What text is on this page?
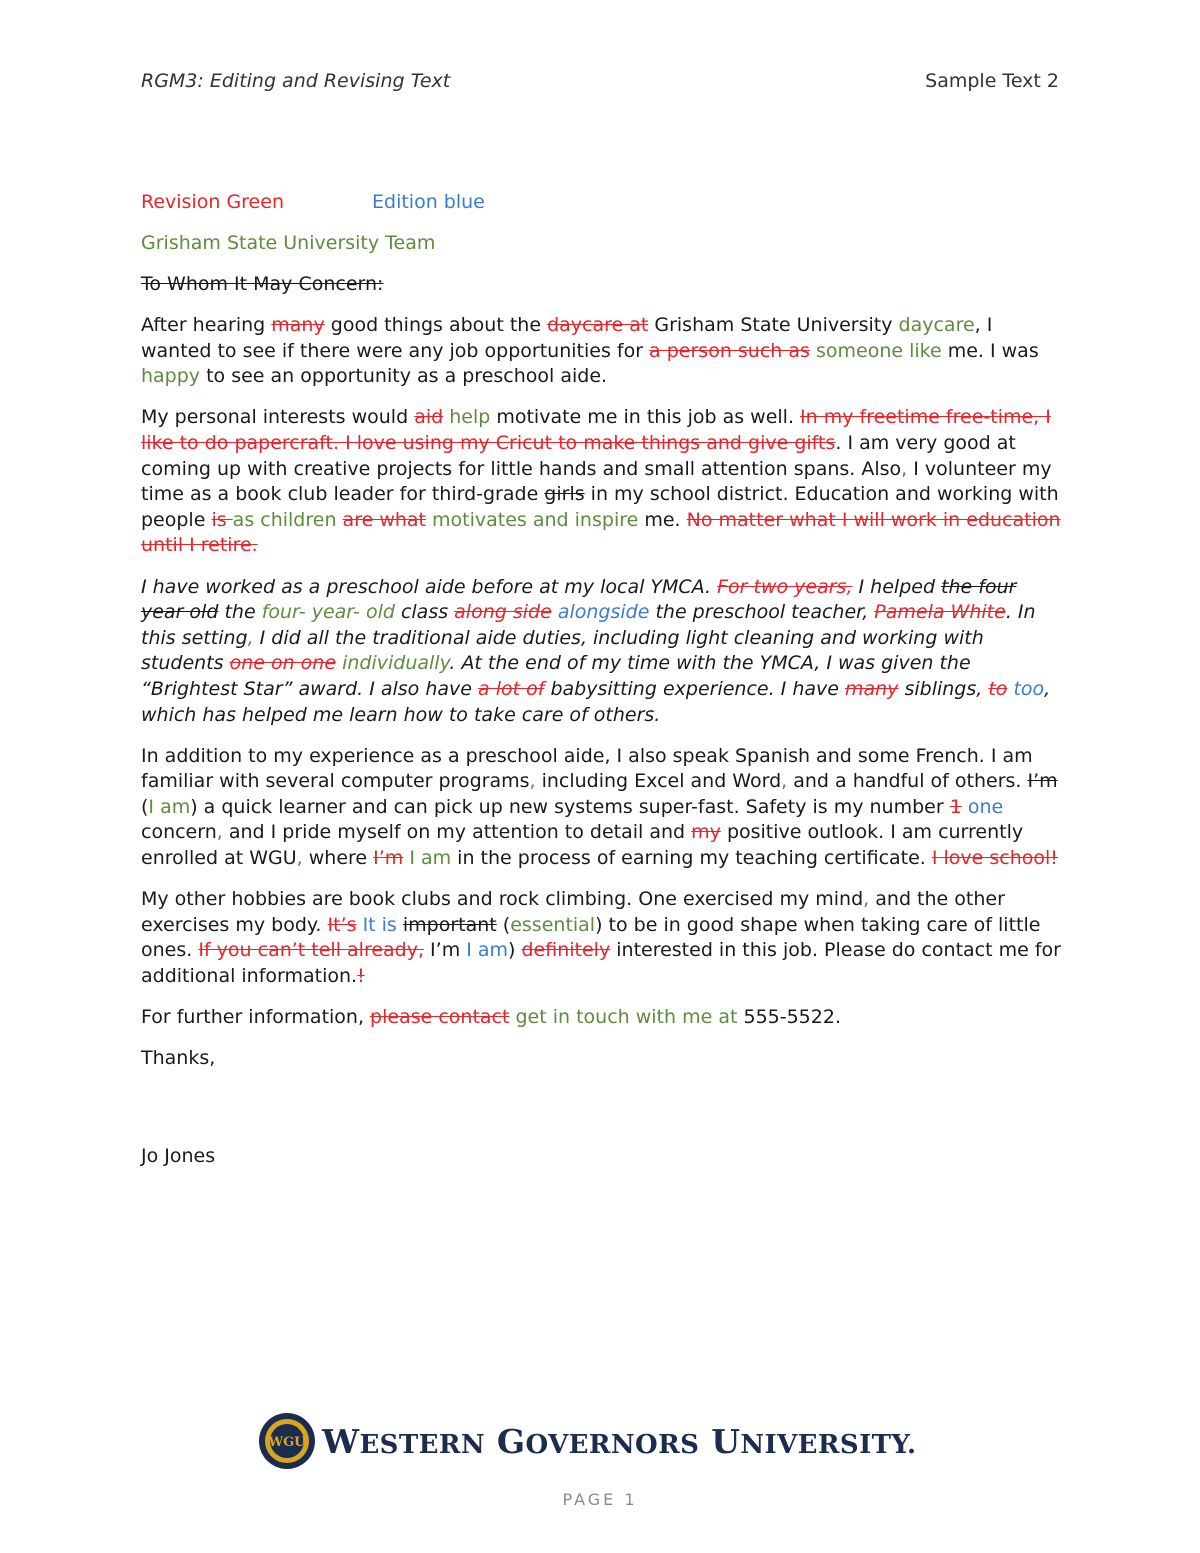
RGM3: Editing and Revising Text	Sample Text 2
Revision Green	Edition blue

Grisham State University Team

To Whom It May Concern:

After hearing many good things about the daycare at Grisham State University daycare, I wanted to see if there were any job opportunities for a person such as someone like me. I was happy to see an opportunity as a preschool aide.

My personal interests would aid help motivate me in this job as well. In my freetime free-time, I like to do papercraft. I love using my Cricut to make things and give gifts. I am very good at coming up with creative projects for little hands and small attention spans. Also, I volunteer my time as a book club leader for third-grade girls in my school district. Education and working with people is as children are what motivates and inspire me. No matter what I will work in education until I retire.

I have worked as a preschool aide before at my local YMCA. For two years, I helped the four year old the four- year- old class along side alongside the preschool teacher, Pamela White. In this setting, I did all the traditional aide duties, including light cleaning and working with students one on one individually. At the end of my time with the YMCA, I was given the “Brightest Star” award. I also have a lot of babysitting experience. I have many siblings, to too, which has helped me learn how to take care of others.

In addition to my experience as a preschool aide, I also speak Spanish and some French. I am familiar with several computer programs, including Excel and Word, and a handful of others. I’m (I am) a quick learner and can pick up new systems super-fast. Safety is my number 1 one concern, and I pride myself on my attention to detail and my positive outlook. I am currently enrolled at WGU, where I’m I am in the process of earning my teaching certificate. I love school!

My other hobbies are book clubs and rock climbing. One exercised my mind, and the other exercises my body. It’s It is important (essential) to be in good shape when taking care of little ones. If you can’t tell already, I’m I am) definitely interested in this job. Please do contact me for additional information.!

For further information, please contact get in touch with me at 555-5522.

Thanks,

Jo Jones

WGU WESTERN GOVERNORS UNIVERSITY.
PAGE 1
